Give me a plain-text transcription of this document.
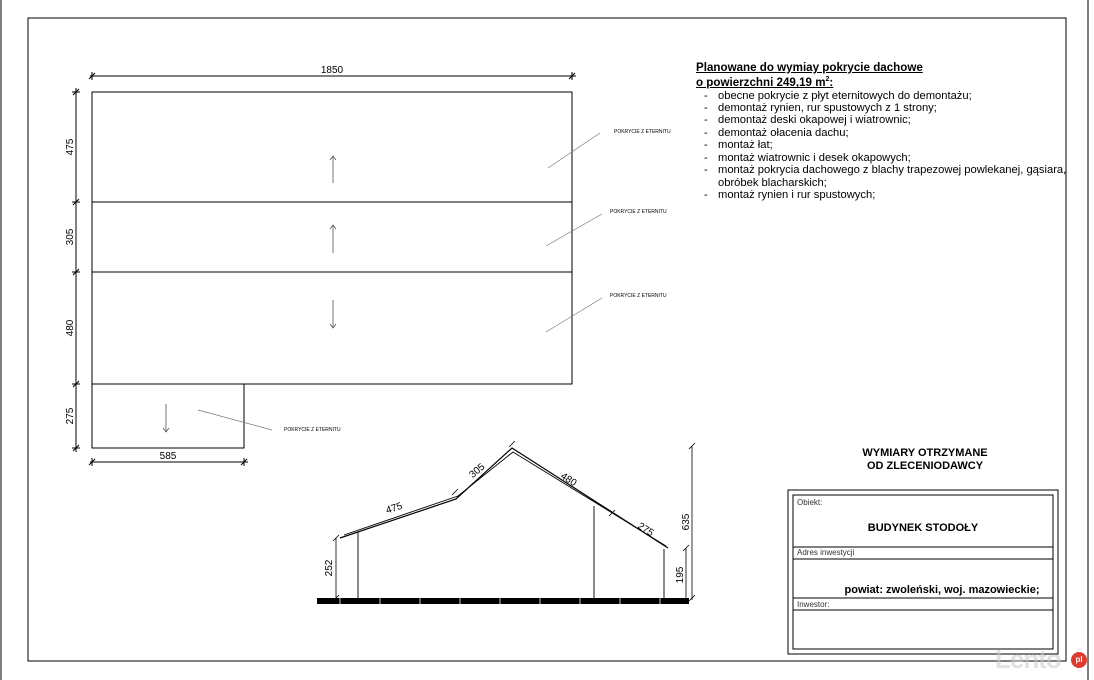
1850
475
305
480
275
585
POKRYCIE Z ETERNITU
POKRYCIE Z ETERNITU
POKRYCIE Z ETERNITU
POKRYCIE Z ETERNITU
475
305	480
275
252	195
635
Planowane do wymiay pokrycie dachowe
o powierzchni 249,19 $m^2$:
- obecne pokrycie z płyt eternitowych do demontażu;
- demontaż rynien, rur spustowych z 1 strony;
- demontaż deski okapowej i wiatrownic;
- demontaż ołacenia dachu;
- montaż łat;
- montaż wiatrownic i desek okapowych;
- montaż pokrycia dachowego z blachy trapezowej powlekanej, gąsiara, obróbek blacharskich;
- montaż rynien i rur spustowych;
WYMIARY OTRZYMANE
OD ZLECENIODAWCY
Obiekt:
BUDYNEK STODOŁY
Adres inwestycji
powiat: zwoleński, woj. mazowieckie;
Inwestor:
Lento	pl
